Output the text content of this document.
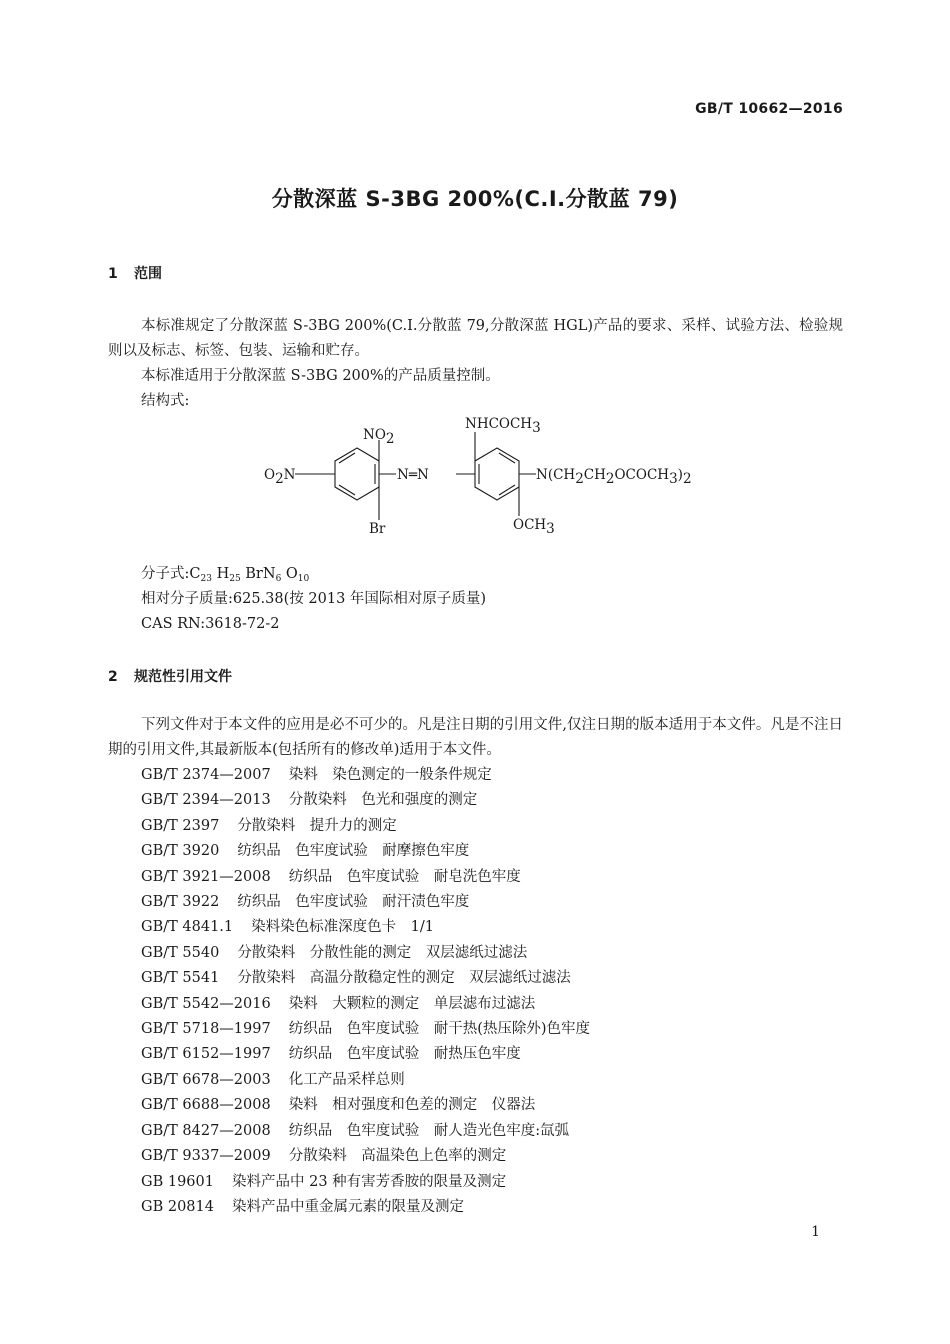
GB/T 10662—2016
分散深蓝 S-3BG 200%(C.I.分散蓝 79)
1 范围
本标准规定了分散深蓝 S-3BG 200%(C.I.分散蓝 79,分散深蓝 HGL)产品的要求、采样、试验方法、检验规则以及标志、标签、包装、运输和贮存。
本标准适用于分散深蓝 S-3BG 200%的产品质量控制。
结构式:
NO2
O2N	N═N
Br
NHCOCH3
N(CH2CH2OCOCH3)2
OCH3
分子式$:C_{23}$ $H_{25}$ BrN$_6$ $O_{10}$
相对分子质量:625.38(按 2013 年国际相对原子质量)
CAS RN:3618-72-2
2 规范性引用文件
下列文件对于本文件的应用是必不可少的。凡是注日期的引用文件,仅注日期的版本适用于本文件。凡是不注日期的引用文件,其最新版本(包括所有的修改单)适用于本文件。
GB/T 2374—2007 染料　染色测定的一般条件规定
GB/T 2394—2013 分散染料　色光和强度的测定
GB/T 2397 分散染料　提升力的测定
GB/T 3920 纺织品　色牢度试验　耐摩擦色牢度
GB/T 3921—2008 纺织品　色牢度试验　耐皂洗色牢度
GB/T 3922 纺织品　色牢度试验　耐汗渍色牢度
GB/T 4841.1 染料染色标准深度色卡　1/1
GB/T 5540 分散染料　分散性能的测定　双层滤纸过滤法
GB/T 5541 分散染料　高温分散稳定性的测定　双层滤纸过滤法
GB/T 5542—2016 染料　大颗粒的测定　单层滤布过滤法
GB/T 5718—1997 纺织品　色牢度试验　耐干热(热压除外)色牢度
GB/T 6152—1997 纺织品　色牢度试验　耐热压色牢度
GB/T 6678—2003 化工产品采样总则
GB/T 6688—2008 染料　相对强度和色差的测定　仪器法
GB/T 8427—2008 纺织品　色牢度试验　耐人造光色牢度:氙弧
GB/T 9337—2009 分散染料　高温染色上色率的测定
GB 19601 染料产品中 23 种有害芳香胺的限量及测定
GB 20814 染料产品中重金属元素的限量及测定
1
